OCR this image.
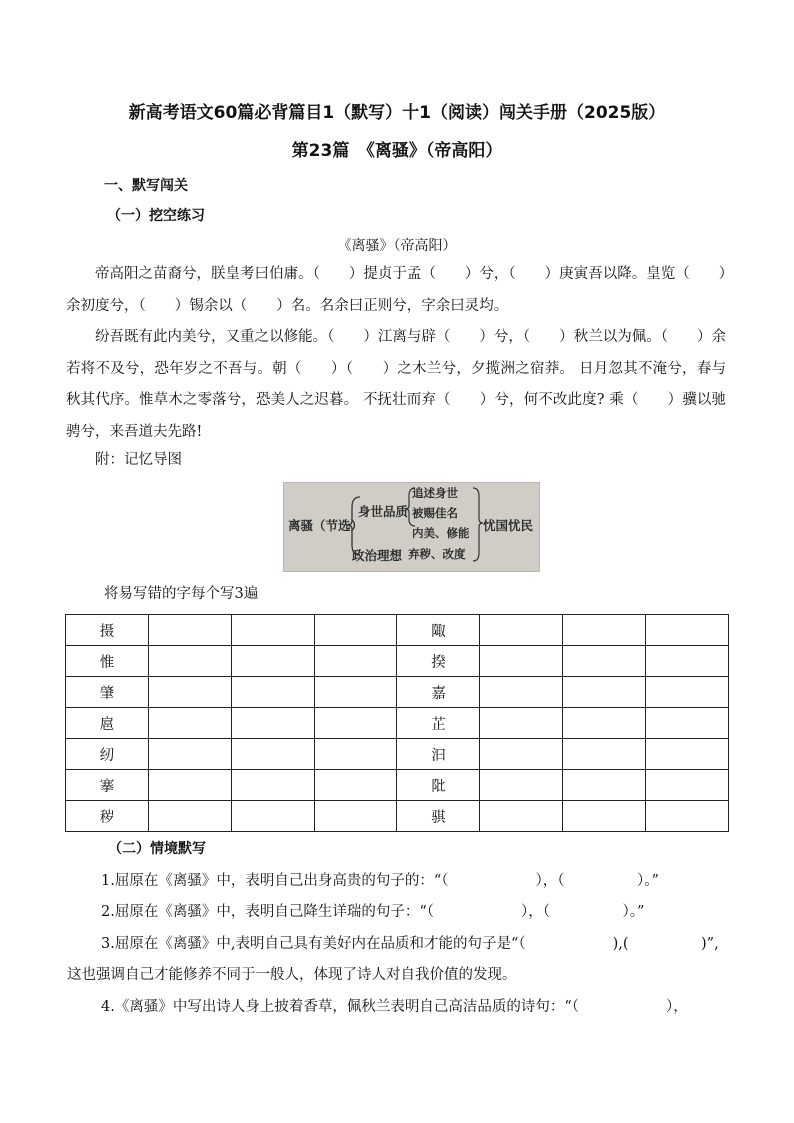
新高考语文60篇必背篇目1（默写）十1（阅读）闯关手册（2025版）
第23篇　《离骚》（帝高阳）
一、默写闯关
（一）挖空练习
《离骚》（帝高阳）
帝高阳之苗裔兮，朕皇考曰伯庸。（　　）提贞于孟（　　）兮，（　　）庚寅吾以降。皇览（　　）余初度兮，（　　）锡余以（　　）名。名余曰正则兮，字余曰灵均。
纷吾既有此内美兮，又重之以修能。（　　）江离与辟（　　）兮，（　　）秋兰以为佩。（　　）余若将不及兮，恐年岁之不吾与。朝（　　）（　　）之木兰兮，夕揽洲之宿莽。 日月忽其不淹兮，春与秋其代序。惟草木之零落兮，恐美人之迟暮。 不抚壮而弃（　　）兮，何不改此度? 乘（　　）骥以驰骋兮，来吾道夫先路!
附：记忆导图
离骚（节选）
身世品质
政治理想
追述身世
被赐佳名
内美、修能
弃秽、改度
忧国忧民
将易写错的字每个写3遍
摄				陬			
惟				揆			
肇				嘉			
扈				芷			
纫				汩			
搴				阰			
秽				骐			
（二）情境默写
1.屈原在《离骚》中，表明自己出身高贵的句子的：“（　　　　　　），（　　　　　）。”
2.屈原在《离骚》中，表明自己降生详瑞的句子：“（　　　　　　），（　　　　　）。”
3.屈原在《离骚》中,表明自己具有美好内在品质和才能的句子是“（　　　　　　),(　　　　　)”,
这也强调自己才能修养不同于一般人，体现了诗人对自我价值的发现。
4.《离骚》中写出诗人身上披着香草，佩秋兰表明自己高洁品质的诗句：“（　　　　　　），
